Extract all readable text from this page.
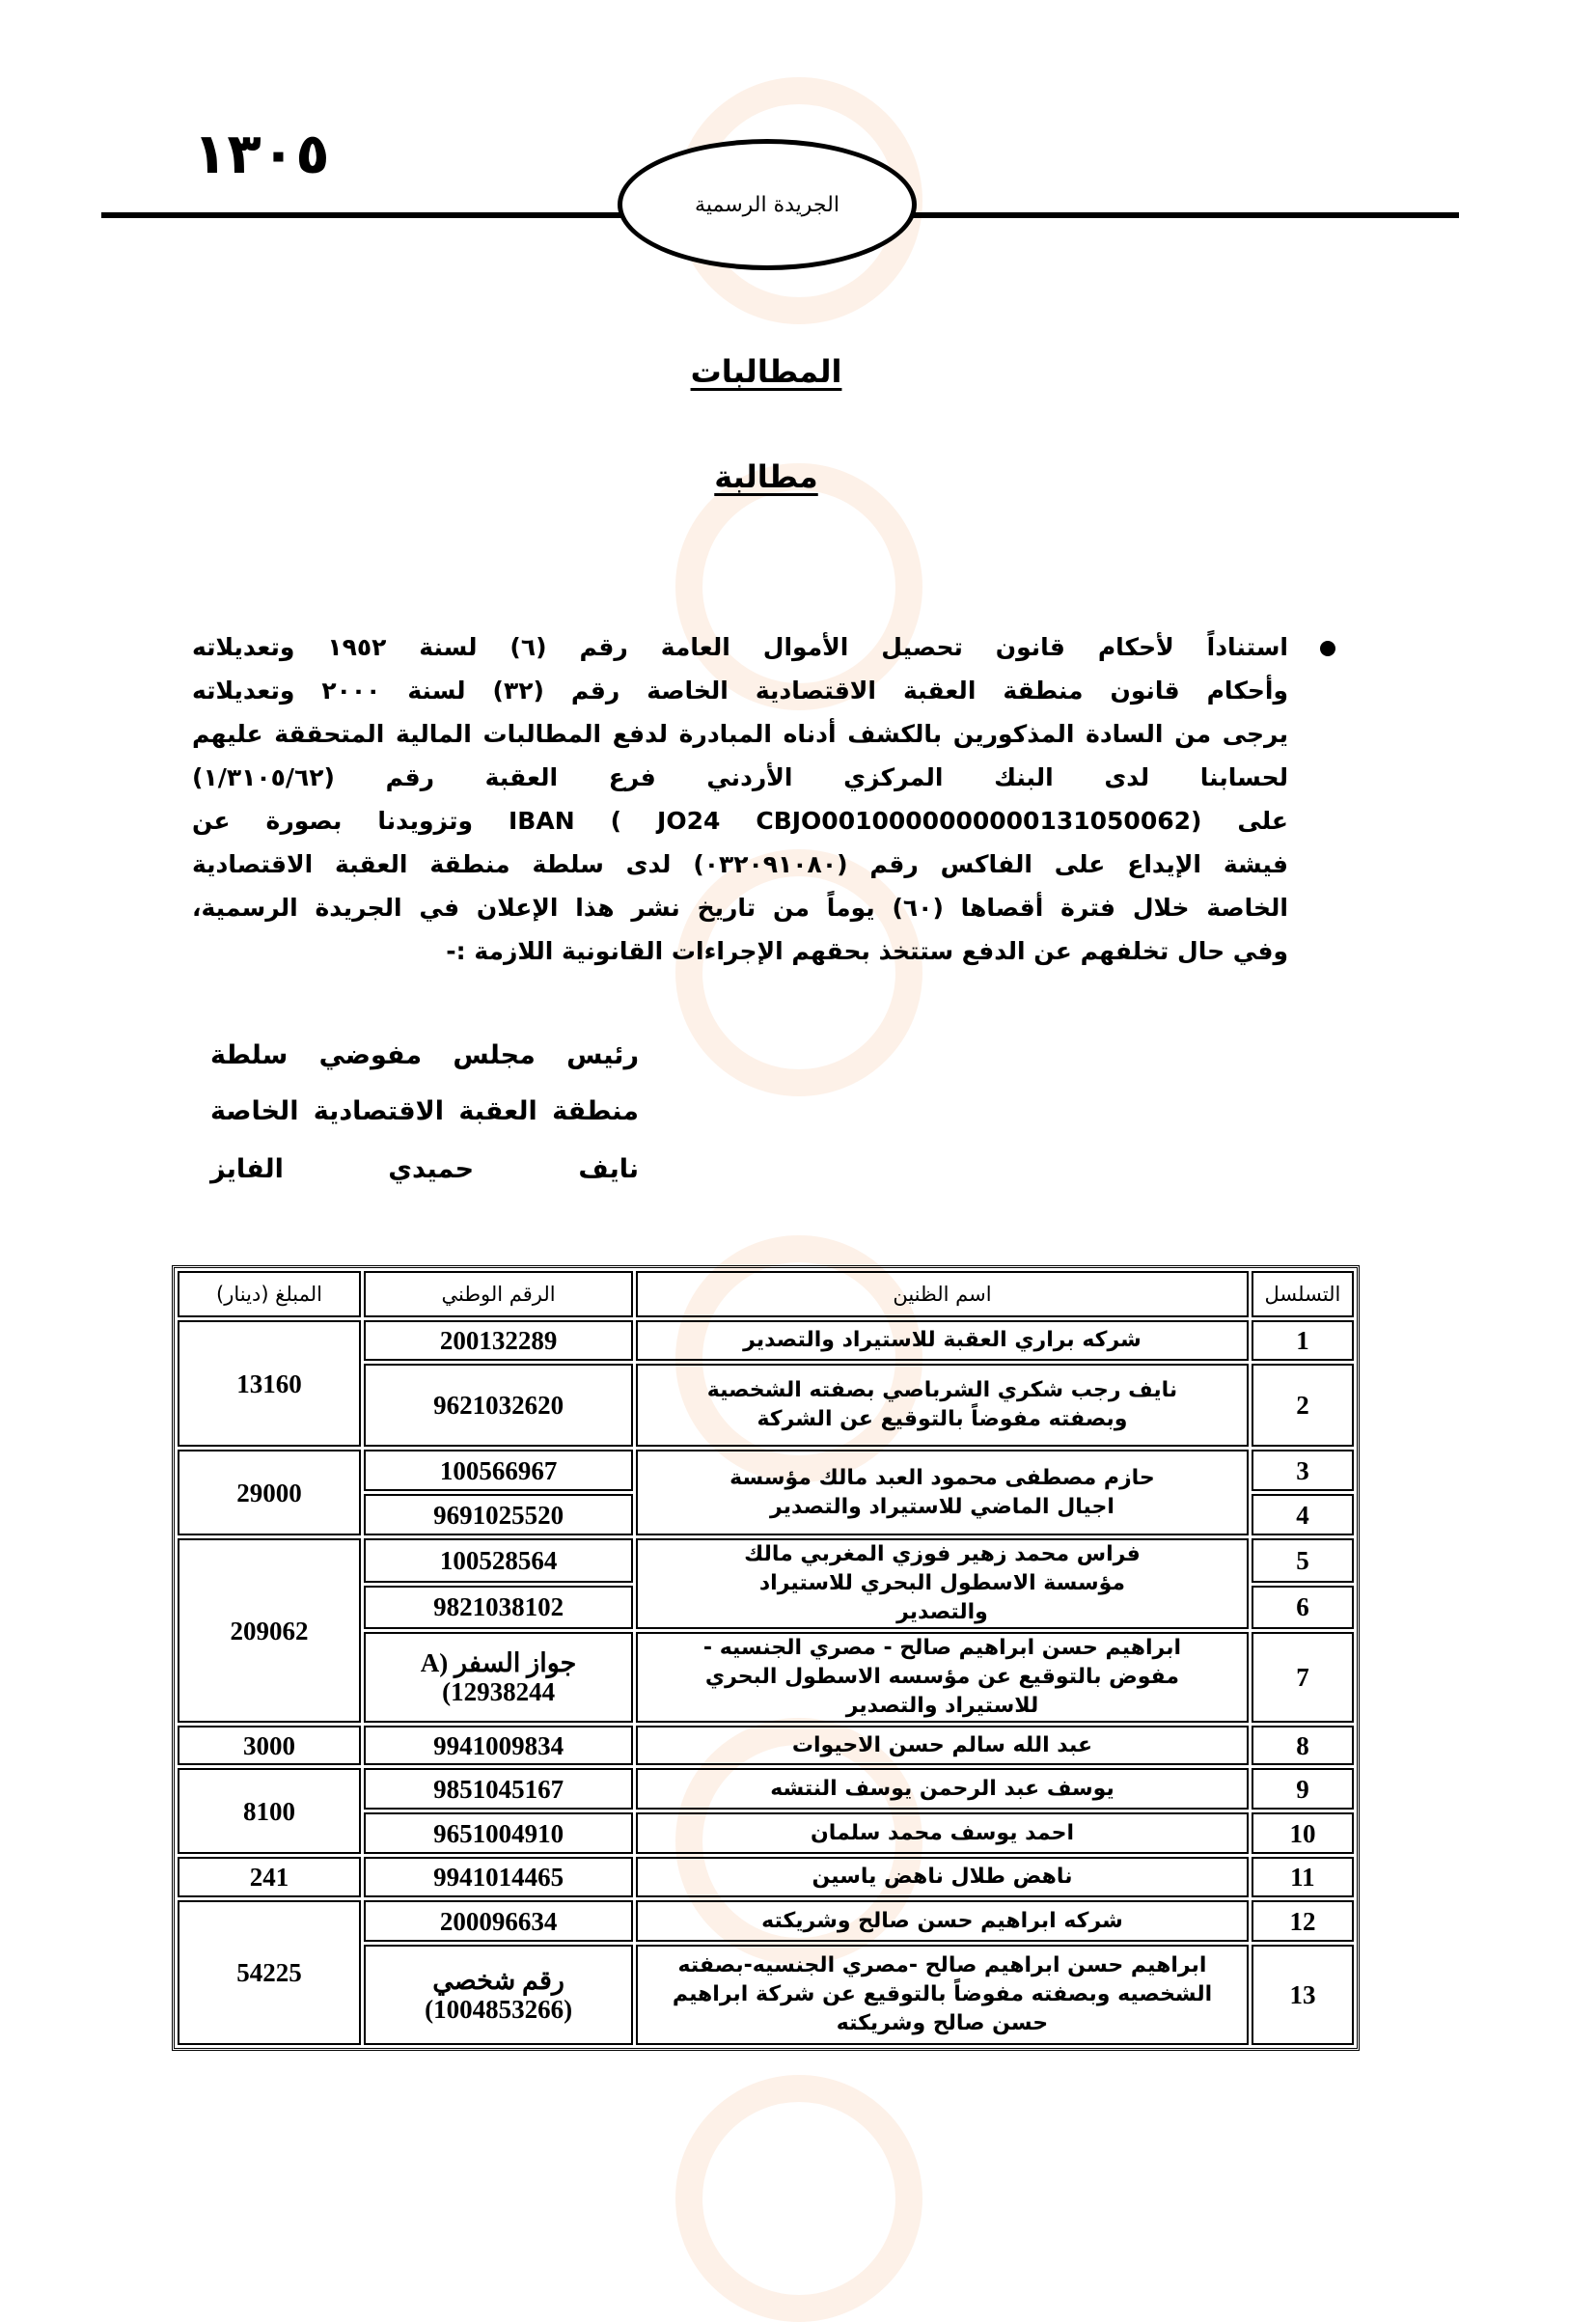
١٣٠٥
الجريدة الرسمية
المطالبات
مطالبة
استناداً لأحكام قانون تحصيل الأموال العامة رقم (٦) لسنة ١٩٥٢ وتعديلاته
وأحكام قانون منطقة العقبة الاقتصادية الخاصة رقم (٣٢) لسنة ٢٠٠٠ وتعديلاته
يرجى من السادة المذكورين بالكشف أدناه المبادرة لدفع المطالبات المالية المتحققة عليهم
لحسابنا لدى البنك المركزي الأردني فرع العقبة رقم (١/٣١٠٥/٦٢)
على IBAN ( JO24 CBJO0010000000000131050062) وتزويدنا بصورة عن
فيشة الإيداع على الفاكس رقم (٠٣٢٠٩١٠٨٠) لدى سلطة منطقة العقبة الاقتصادية
الخاصة خلال فترة أقصاها (٦٠) يوماً من تاريخ نشر هذا الإعلان في الجريدة الرسمية،
وفي حال تخلفهم عن الدفع ستتخذ بحقهم الإجراءات القانونية اللازمة :-
رئيس مجلس مفوضي سلطة
منطقة العقبة الاقتصادية الخاصة
نايف حميدي الفايز
التسلسل	اسم الظنين	الرقم الوطني	المبلغ (دينار)
1	شركه براري العقبة للاستيراد والتصدير	200132289	13160
2	نايف رجب شكري الشرباصي بصفته الشخصية وبصفته مفوضاً بالتوقيع عن الشركة	9621032620	
3	حازم مصطفى محمود العبد مالك مؤسسة اجيال الماضي للاستيراد والتصدير	100566967	29000
4		9691025520	
5	فراس محمد زهير فوزي المغربي مالك مؤسسة الاسطول البحري للاستيراد والتصدير	100528564	209062
6		9821038102	
7	ابراهيم حسن ابراهيم صالح - مصري الجنسيه - مفوض بالتوقيع عن مؤسسه الاسطول البحري للاستيراد والتصدير	جواز السفر (A 12938244)	
8	عبد الله سالم حسن الاحيوات	9941009834	3000
9	يوسف عبد الرحمن يوسف النتشه	9851045167	8100
10	احمد يوسف محمد سلمان	9651004910	
11	ناهض طلال ناهض ياسين	9941014465	241
12	شركه ابراهيم حسن صالح وشريكته	200096634	54225
13	ابراهيم حسن ابراهيم صالح -مصري الجنسيه-بصفته الشخصيه وبصفته مفوضاً بالتوقيع عن شركة ابراهيم حسن صالح وشريكته	رقم شخصي (1004853266)	
